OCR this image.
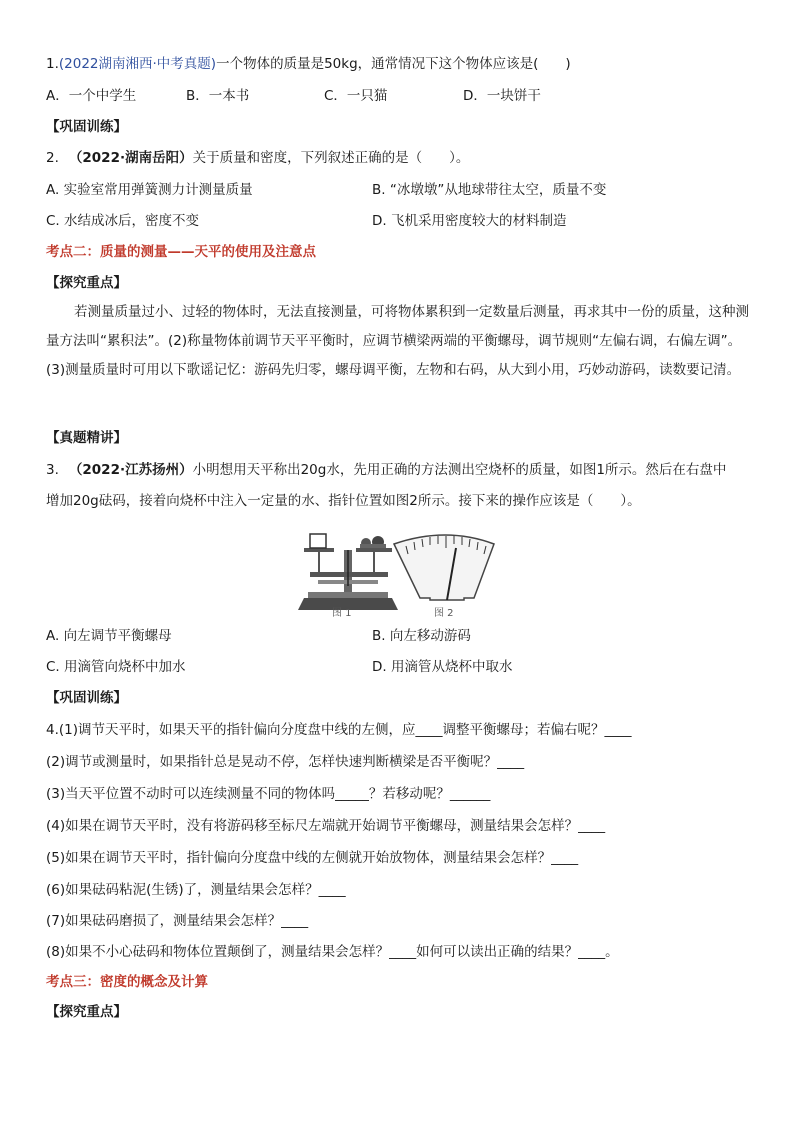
1.(2022湖南湘西·中考真题)一个物体的质量是50kg，通常情况下这个物体应该是(　　)
A．一个中学生	B．一本书	C．一只猫	D．一块饼干
【巩固训练】
2. （2022·湖南岳阳）关于质量和密度，下列叙述正确的是（　　）。
A. 实验室常用弹簧测力计测量质量	B. “冰墩墩”从地球带往太空，质量不变
C. 水结成冰后，密度不变	D. 飞机采用密度较大的材料制造
考点二：质量的测量——天平的使用及注意点
【探究重点】
若测量质量过小、过轻的物体时，无法直接测量，可将物体累积到一定数量后测量，再求其中一份的质量，这种测量方法叫“累积法”。(2)称量物体前调节天平平衡时，应调节横梁两端的平衡螺母，调节规则“左偏右调，右偏左调”。(3)测量质量时可用以下歌谣记忆：游码先归零，螺母调平衡，左物和右码，从大到小用，巧妙动游码，读数要记清。
【真题精讲】
3. （2022·江苏扬州）小明想用天平称出20g水，先用正确的方法测出空烧杯的质量，如图1所示。然后在右盘中
增加20g砝码，接着向烧杯中注入一定量的水、指针位置如图2所示。接下来的操作应该是（　　）。
图 1	图 2
A. 向左调节平衡螺母	B. 向左移动游码
C. 用滴管向烧杯中加水	D. 用滴管从烧杯中取水
【巩固训练】
4.(1)调节天平时，如果天平的指针偏向分度盘中线的左侧，应____调整平衡螺母；若偏右呢？____
(2)调节或测量时，如果指针总是晃动不停，怎样快速判断横梁是否平衡呢？____
(3)当天平位置不动时可以连续测量不同的物体吗_____？若移动呢？______
(4)如果在调节天平时，没有将游码移至标尺左端就开始调节平衡螺母，测量结果会怎样？____
(5)如果在调节天平时，指针偏向分度盘中线的左侧就开始放物体，测量结果会怎样？____
(6)如果砝码粘泥(生锈)了，测量结果会怎样？____
(7)如果砝码磨损了，测量结果会怎样？____
(8)如果不小心砝码和物体位置颠倒了，测量结果会怎样？____如何可以读出正确的结果？____。
考点三：密度的概念及计算
【探究重点】
